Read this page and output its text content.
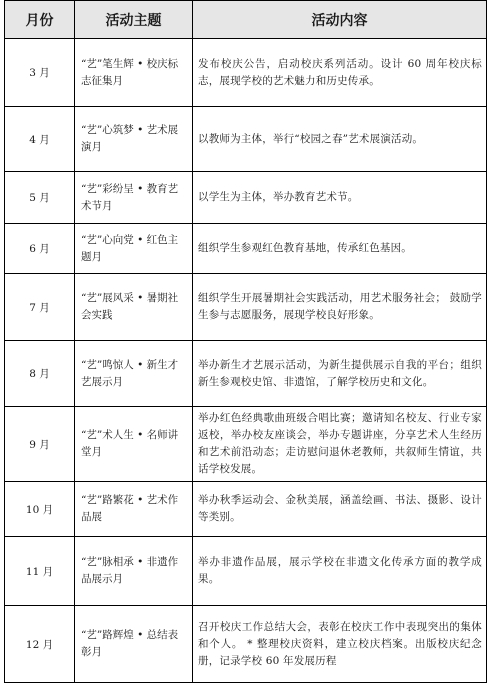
月份	活动主题	活动内容
3 月	“艺”笔生辉 • 校庆标志征集月	发布校庆公告，启动校庆系列活动。设计 60 周年校庆标志，展现学校的艺术魅力和历史传承。
4 月	“艺”心筑梦 • 艺术展演月	以教师为主体，举行“校园之春”艺术展演活动。
5 月	“艺”彩纷呈 • 教育艺术节月	以学生为主体，举办教育艺术节。
6 月	“艺”心向党 • 红色主题月	组织学生参观红色教育基地，传承红色基因。
7 月	“艺”展风采 • 暑期社会实践	组织学生开展暑期社会实践活动，用艺术服务社会； 鼓励学生参与志愿服务，展现学校良好形象。
8 月	“艺”鸣惊人 • 新生才艺展示月	举办新生才艺展示活动，为新生提供展示自我的平台；组织新生参观校史馆、非遗馆，了解学校历史和文化。
9 月	“艺”术人生 • 名师讲堂月	举办红色经典歌曲班级合唱比赛；邀请知名校友、行业专家返校，举办校友座谈会，举办专题讲座，分享艺术人生经历和艺术前沿动态；走访慰问退休老教师，共叙师生情谊，共话学校发展。
10 月	“艺”路繁花 • 艺术作品展	举办秋季运动会、金秋美展，涵盖绘画、书法、摄影、设计等类别。
11 月	“艺”脉相承 • 非遗作品展示月	举办非遗作品展，展示学校在非遗文化传承方面的教学成果。
12 月	“艺”路辉煌 • 总结表彰月	召开校庆工作总结大会，表彰在校庆工作中表现突出的集体和个人。 * 整理校庆资料，建立校庆档案。出版校庆纪念册，记录学校 60 年发展历程
